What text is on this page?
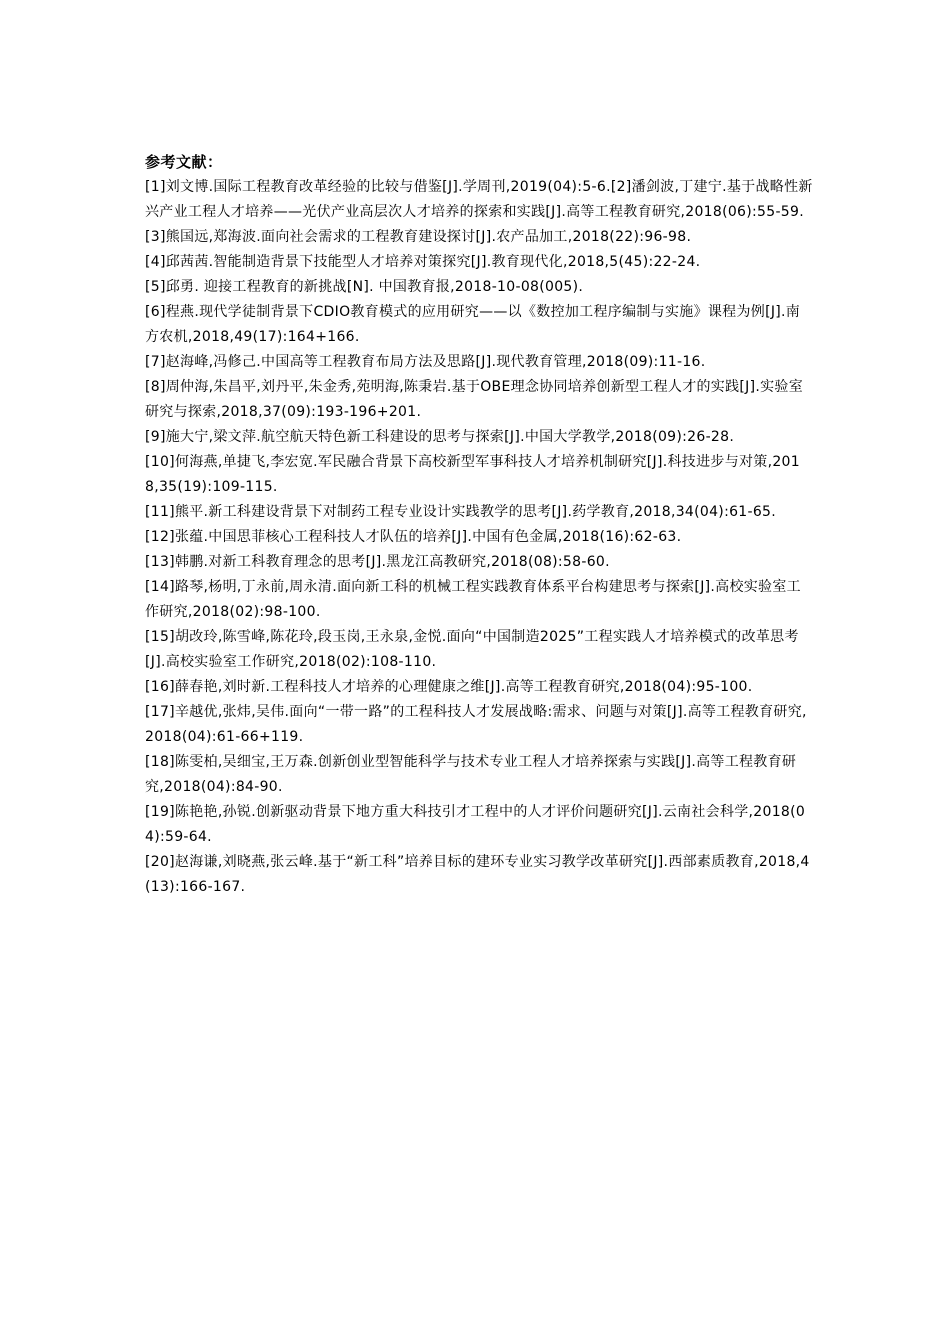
参考文献：

[1]刘文博.国际工程教育改革经验的比较与借鉴[J].学周刊,2019(04):5-6.[2]潘剑波,丁建宁.基于战略性新兴产业工程人才培养——光伏产业高层次人才培养的探索和实践[J].高等工程教育研究,2018(06):55-59.
[3]熊国远,郑海波.面向社会需求的工程教育建设探讨[J].农产品加工,2018(22):96-98.
[4]邱茜茜.智能制造背景下技能型人才培养对策探究[J].教育现代化,2018,5(45):22-24.
[5]邱勇. 迎接工程教育的新挑战[N]. 中国教育报,2018-10-08(005).
[6]程燕.现代学徒制背景下CDIO教育模式的应用研究——以《数控加工程序编制与实施》课程为例[J].南方农机,2018,49(17):164+166.
[7]赵海峰,冯修己.中国高等工程教育布局方法及思路[J].现代教育管理,2018(09):11-16.
[8]周仲海,朱昌平,刘丹平,朱金秀,苑明海,陈秉岩.基于OBE理念协同培养创新型工程人才的实践[J].实验室研究与探索,2018,37(09):193-196+201.
[9]施大宁,梁文萍.航空航天特色新工科建设的思考与探索[J].中国大学教学,2018(09):26-28.
[10]何海燕,单捷飞,李宏宽.军民融合背景下高校新型军事科技人才培养机制研究[J].科技进步与对策,2018,35(19):109-115.
[11]熊平.新工科建设背景下对制药工程专业设计实践教学的思考[J].药学教育,2018,34(04):61-65.
[12]张蕴.中国思菲核心工程科技人才队伍的培养[J].中国有色金属,2018(16):62-63.
[13]韩鹏.对新工科教育理念的思考[J].黑龙江高教研究,2018(08):58-60.
[14]路琴,杨明,丁永前,周永清.面向新工科的机械工程实践教育体系平台构建思考与探索[J].高校实验室工作研究,2018(02):98-100.
[15]胡改玲,陈雪峰,陈花玲,段玉岗,王永泉,金悦.面向“中国制造2025”工程实践人才培养模式的改革思考[J].高校实验室工作研究,2018(02):108-110.
[16]薛春艳,刘时新.工程科技人才培养的心理健康之维[J].高等工程教育研究,2018(04):95-100.
[17]辛越优,张炜,吴伟.面向“一带一路”的工程科技人才发展战略:需求、问题与对策[J].高等工程教育研究,2018(04):61-66+119.
[18]陈雯柏,吴细宝,王万森.创新创业型智能科学与技术专业工程人才培养探索与实践[J].高等工程教育研究,2018(04):84-90.
[19]陈艳艳,孙锐.创新驱动背景下地方重大科技引才工程中的人才评价问题研究[J].云南社会科学,2018(04):59-64.
[20]赵海谦,刘晓燕,张云峰.基于“新工科”培养目标的建环专业实习教学改革研究[J].西部素质教育,2018,4(13):166-167.
